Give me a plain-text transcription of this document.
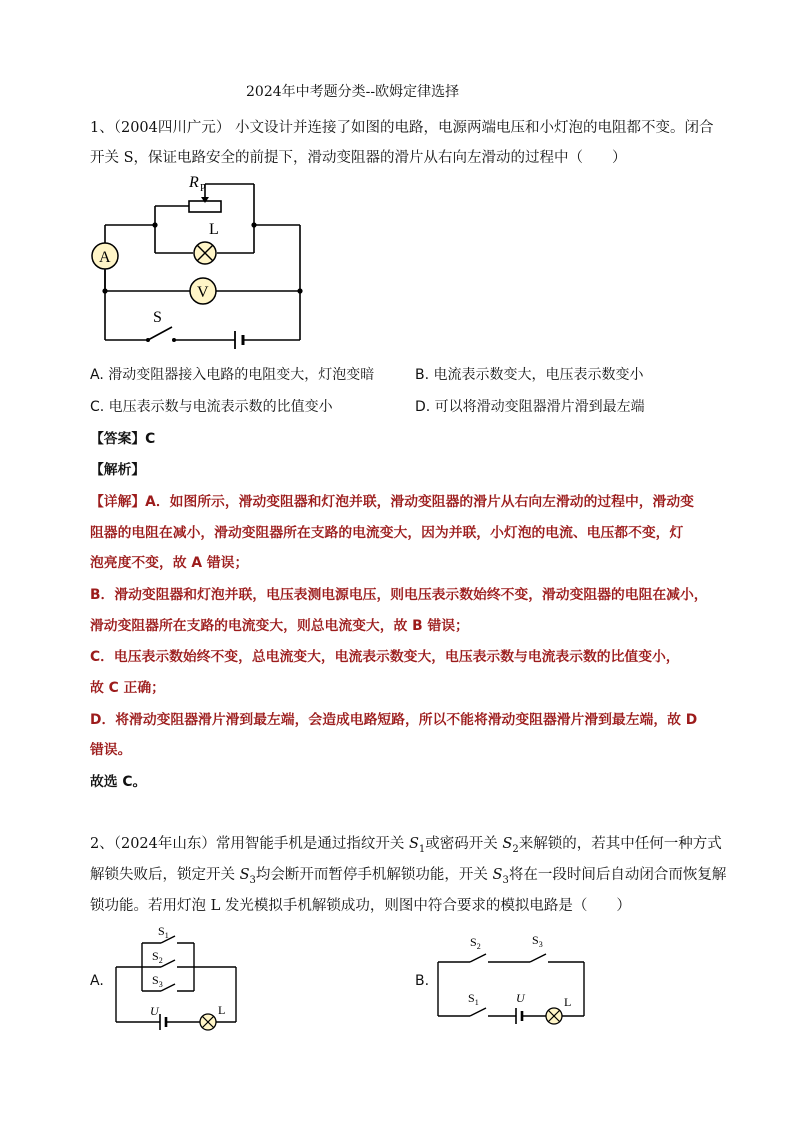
2024年中考题分类--欧姆定律选择
1、（2004四川广元） 小文设计并连接了如图的电路，电源两端电压和小灯泡的电阻都不变。闭合
开关 S，保证电路安全的前提下，滑动变阻器的滑片从右向左滑动的过程中（　　）
A
L
V
R P
S
A. 滑动变阻器接入电路的电阻变大，灯泡变暗	B. 电流表示数变大，电压表示数变小
C. 电压表示数与电流表示数的比值变小	D. 可以将滑动变阻器滑片滑到最左端
【答案】C
【解析】
【详解】A．如图所示，滑动变阻器和灯泡并联，滑动变阻器的滑片从右向左滑动的过程中，滑动变
阻器的电阻在减小，滑动变阻器所在支路的电流变大，因为并联，小灯泡的电流、电压都不变，灯
泡亮度不变，故 A 错误；
B．滑动变阻器和灯泡并联，电压表测电源电压，则电压表示数始终不变，滑动变阻器的电阻在减小，
滑动变阻器所在支路的电流变大，则总电流变大，故 B 错误；
C．电压表示数始终不变，总电流变大，电流表示数变大，电压表示数与电流表示数的比值变小，
故 C 正确；
D．将滑动变阻器滑片滑到最左端，会造成电路短路，所以不能将滑动变阻器滑片滑到最左端，故 D
错误。
故选 C。
2、（2024年山东）常用智能手机是通过指纹开关 $S_1$或密码开关 $S_2$来解锁的，若其中任何一种方式
解锁失败后，锁定开关 $S_3$均会断开而暂停手机解锁功能，开关 $S_3$将在一段时间后自动闭合而恢复解
锁功能。若用灯泡 L 发光模拟手机解锁成功，则图中符合要求的模拟电路是（　　）
A.
$S_1$
$S_2$
$S_3$
U	L
B.
$S_2$	$S_3$
$S_1$	U	L
